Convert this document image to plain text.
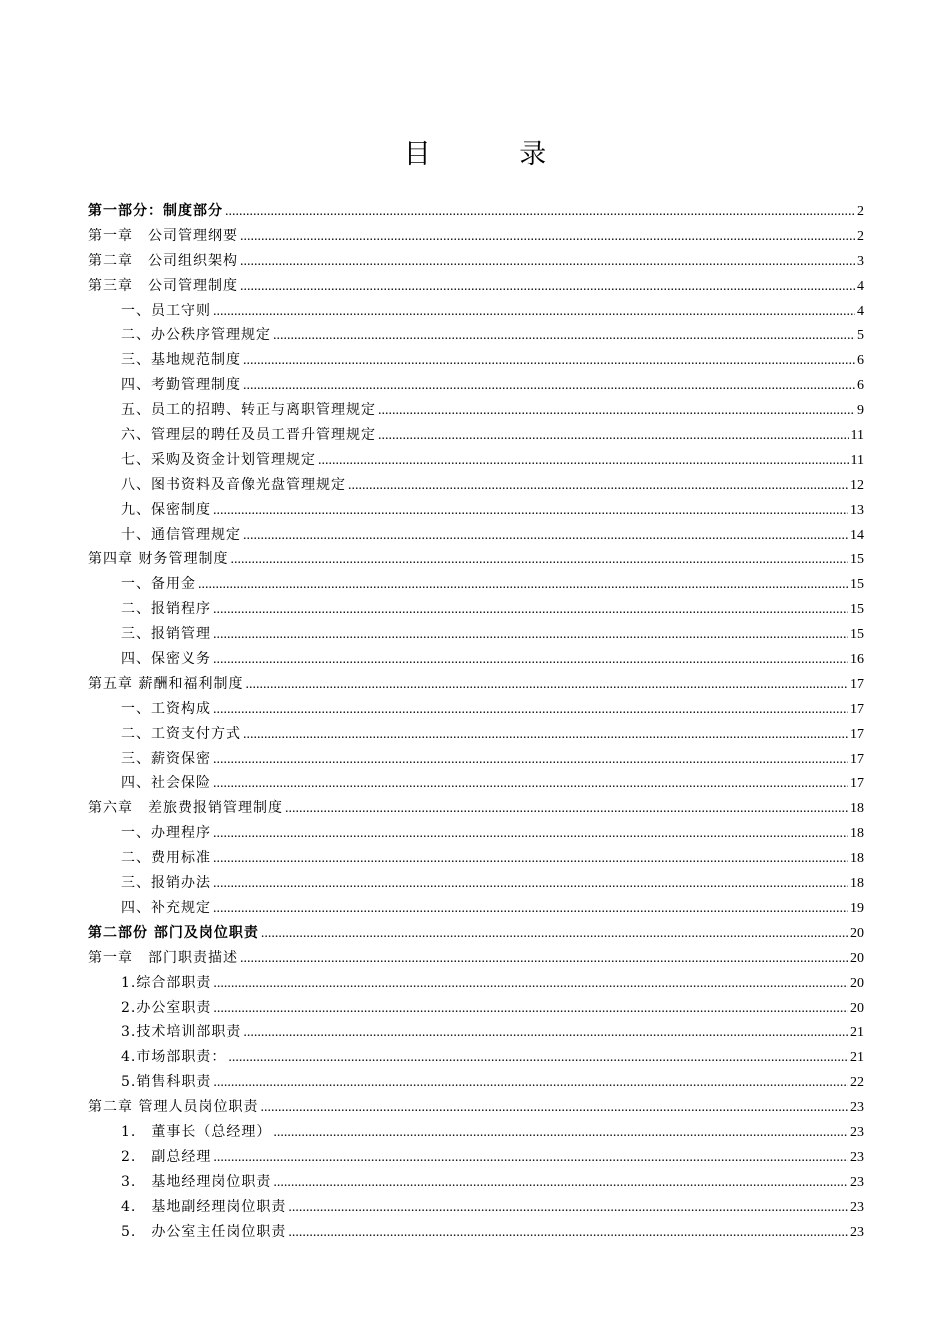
目 录
第一部分：制度部分 .....	2
第一章　公司管理纲要 .....	2
第二章　公司组织架构 .....	3
第三章　公司管理制度 .....	4
一、员工守则 .....	4
二、办公秩序管理规定 .....	5
三、基地规范制度 .....	6
四、考勤管理制度 .....	6
五、员工的招聘、转正与离职管理规定 .....	9
六、管理层的聘任及员工晋升管理规定 .....	11
七、采购及资金计划管理规定 .....	11
八、图书资料及音像光盘管理规定 .....	12
九、保密制度 .....	13
十、通信管理规定 .....	14
第四章 财务管理制度 .....	15
一、备用金 .....	15
二、报销程序 .....	15
三、报销管理 .....	15
四、保密义务 .....	16
第五章 薪酬和福利制度 .....	17
一、工资构成 .....	17
二、工资支付方式 .....	17
三、薪资保密 .....	17
四、社会保险 .....	17
第六章　差旅费报销管理制度 .....	18
一、办理程序 .....	18
二、费用标准 .....	18
三、报销办法 .....	18
四、补充规定 .....	19
第二部份 部门及岗位职责 .....	20
第一章　部门职责描述 .....	20
1.综合部职责 .....	20
2.办公室职责 .....	20
3.技术培训部职责 .....	21
4.市场部职责： .....	21
5.销售科职责 .....	22
第二章 管理人员岗位职责 .....	23
1.　董事长（总经理） .....	23
2.　副总经理 .....	23
3.　基地经理岗位职责 .....	23
4.　基地副经理岗位职责 .....	23
5.　办公室主任岗位职责 .....	23
